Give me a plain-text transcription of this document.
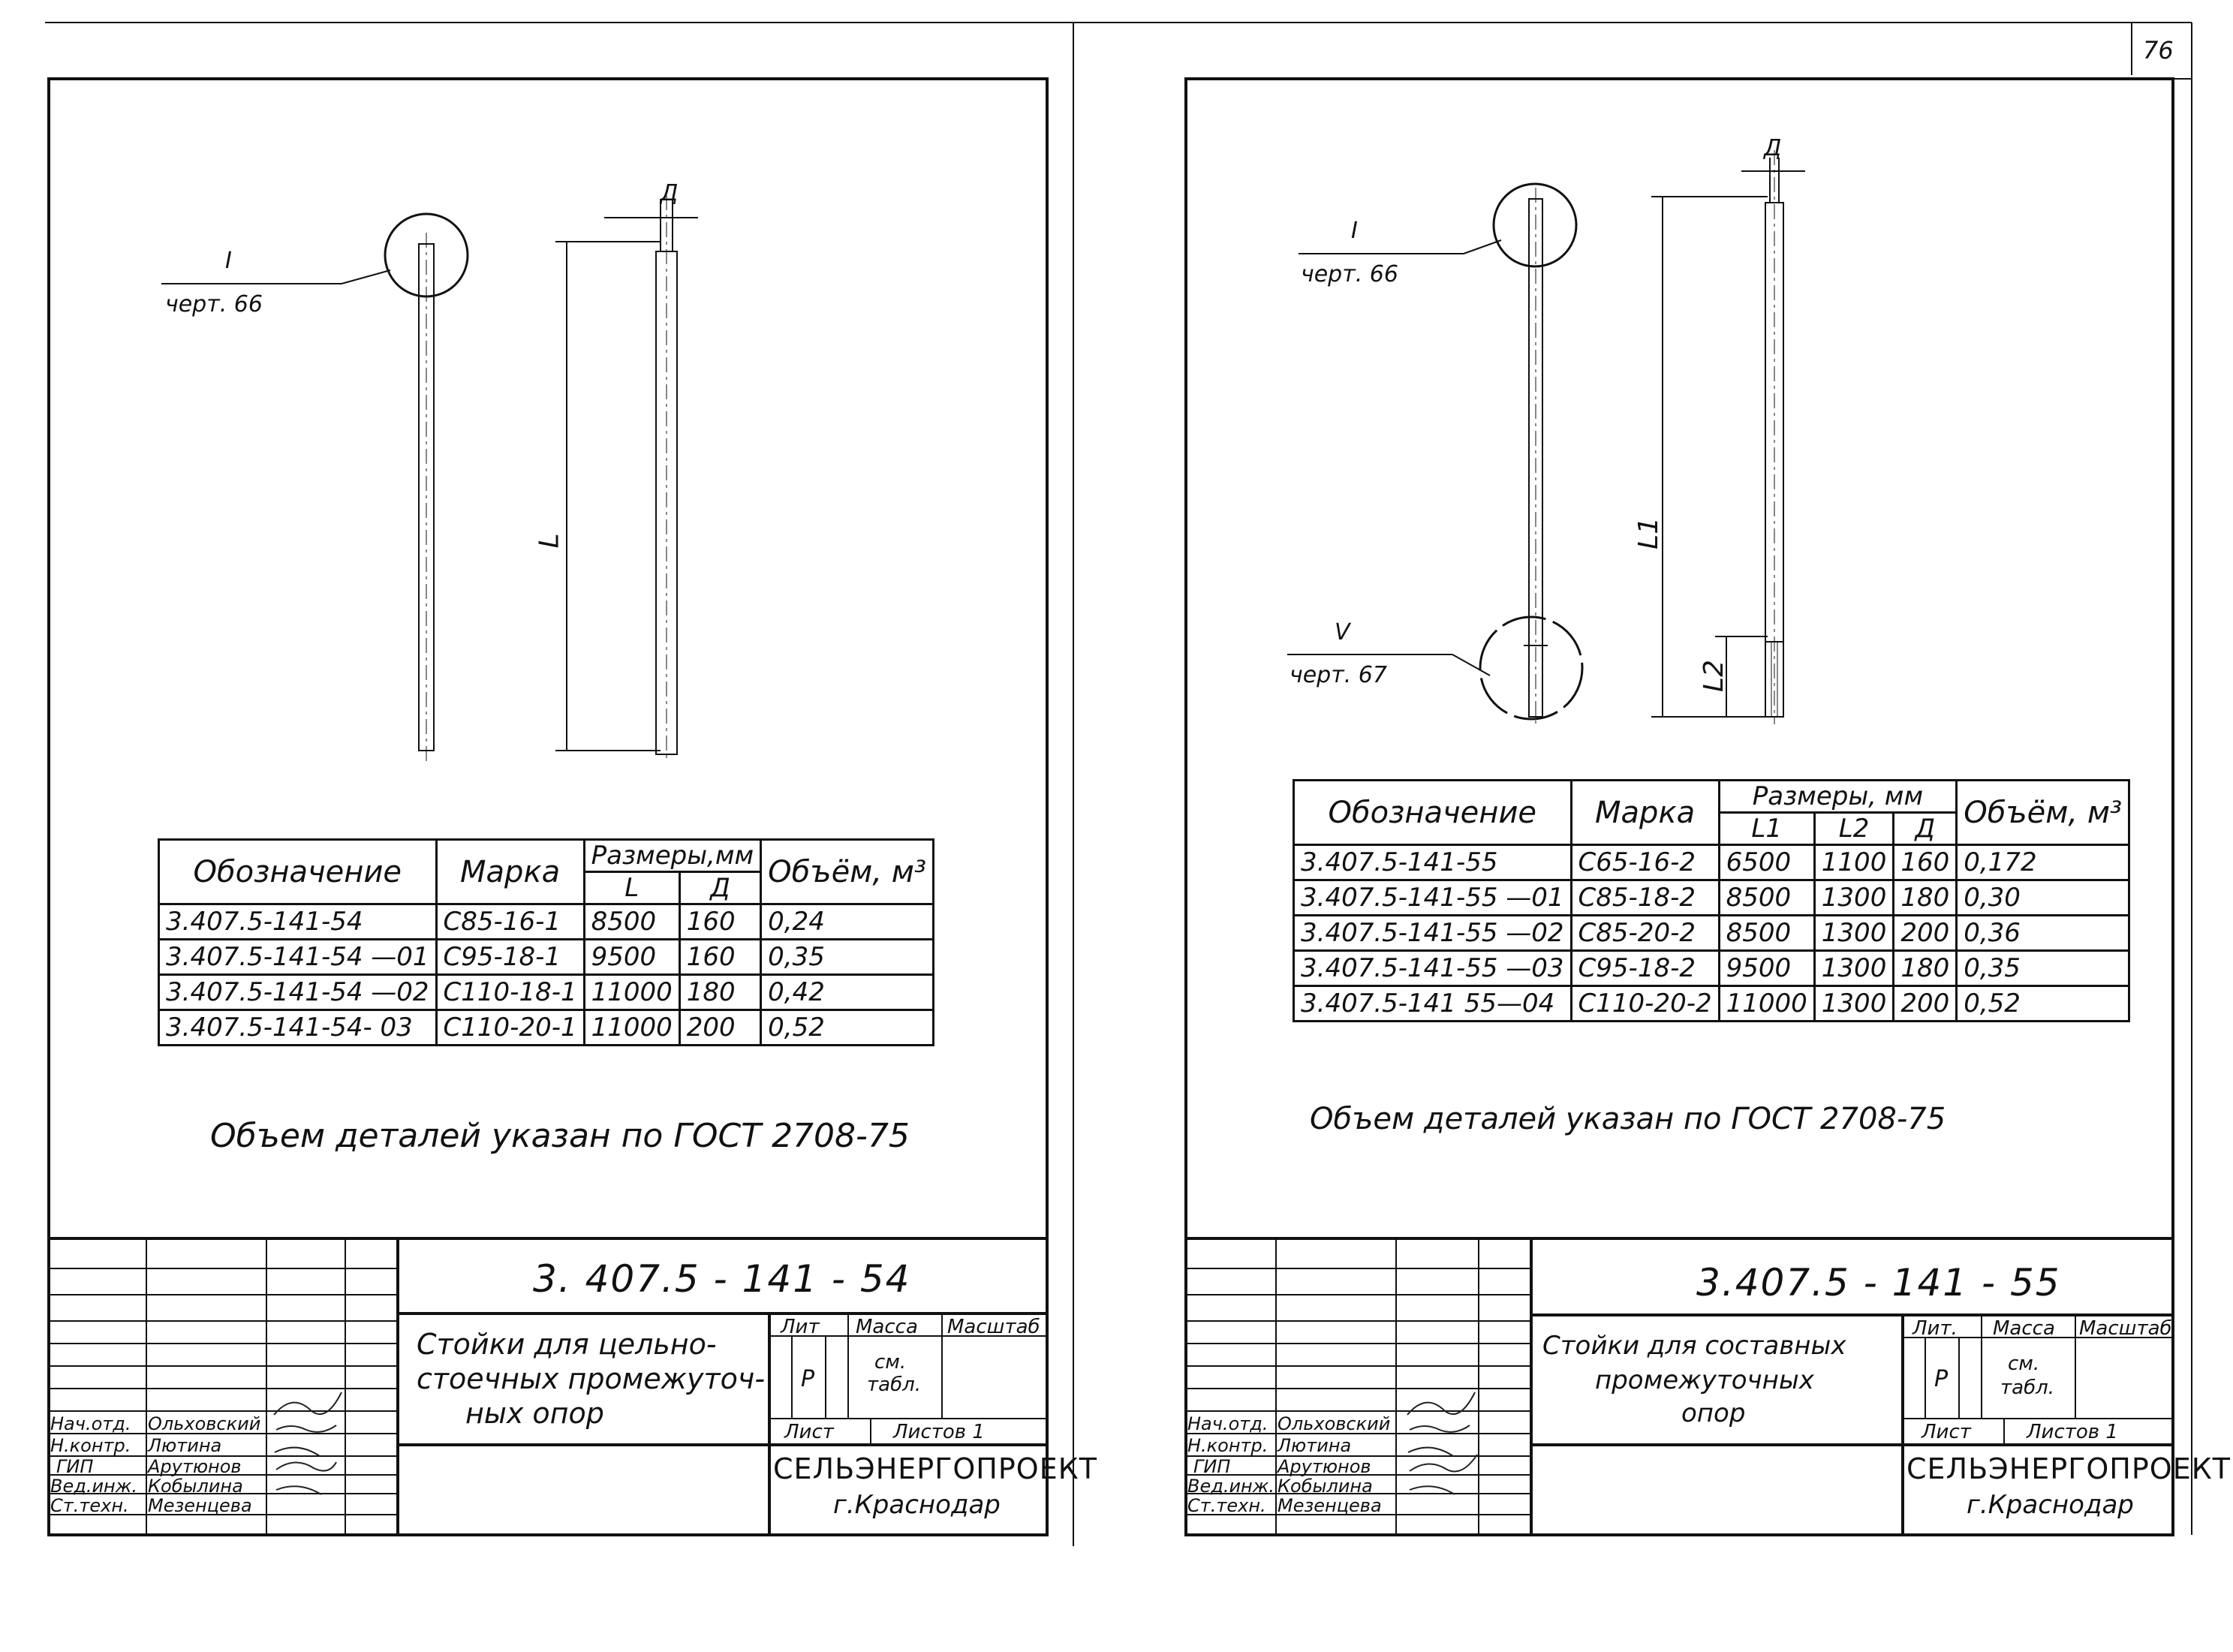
76
I
черт. 66
L
Д
Обозначение	Марка	Размеры,мм		Объём, м³
		L	Д	
3.407.5-141-54	С85-16-1	8500	160	0,24
3.407.5-141-54 —01	С95-18-1	9500	160	0,35
3.407.5-141-54 —02	С110-18-1	11000	180	0,42
3.407.5-141-54- 03	С110-20-1	11000	200	0,52
Объем деталей указан по ГОСТ 2708-75
3. 407.5 - 141 - 54
Стойки для цельно-
стоечных промежуточ-
ных опор
Лит Масса Масштаб
Р
см.
табл.
Лист	Листов 1
СЕЛЬЭНЕРГОПРОЕКТ
г.Краснодар
Нач.отд. Ольховский
Н.контр. Лютина
ГИП	Арутюнов
Вед.инж. Кобылина
Ст.техн. Мезенцева
I
черт. 66
V
черт. 67
L1
L2
Д
Обозначение	Марка	Размеры, мм			Объём, м³
		L1	L2	Д	
3.407.5-141-55	С65-16-2	6500	1100	160	0,172
3.407.5-141-55 —01	С85-18-2	8500	1300	180	0,30
3.407.5-141-55 —02	С85-20-2	8500	1300	200	0,36
3.407.5-141-55 —03	С95-18-2	9500	1300	180	0,35
3.407.5-141 55—04	С110-20-2	11000	1300	200	0,52
Объем деталей указан по ГОСТ 2708-75
3.407.5 - 141 - 55
Стойки для составных
промежуточных
опор
Лит. Масса Масштаб
Р
см.
табл.
Лист	Листов 1
СЕЛЬЭНЕРГОПРОЕКТ
г.Краснодар
Нач.отд. Ольховский
Н.контр. Лютина
ГИП	Арутюнов
Вед.инж. Кобылина
Ст.техн. Мезенцева
